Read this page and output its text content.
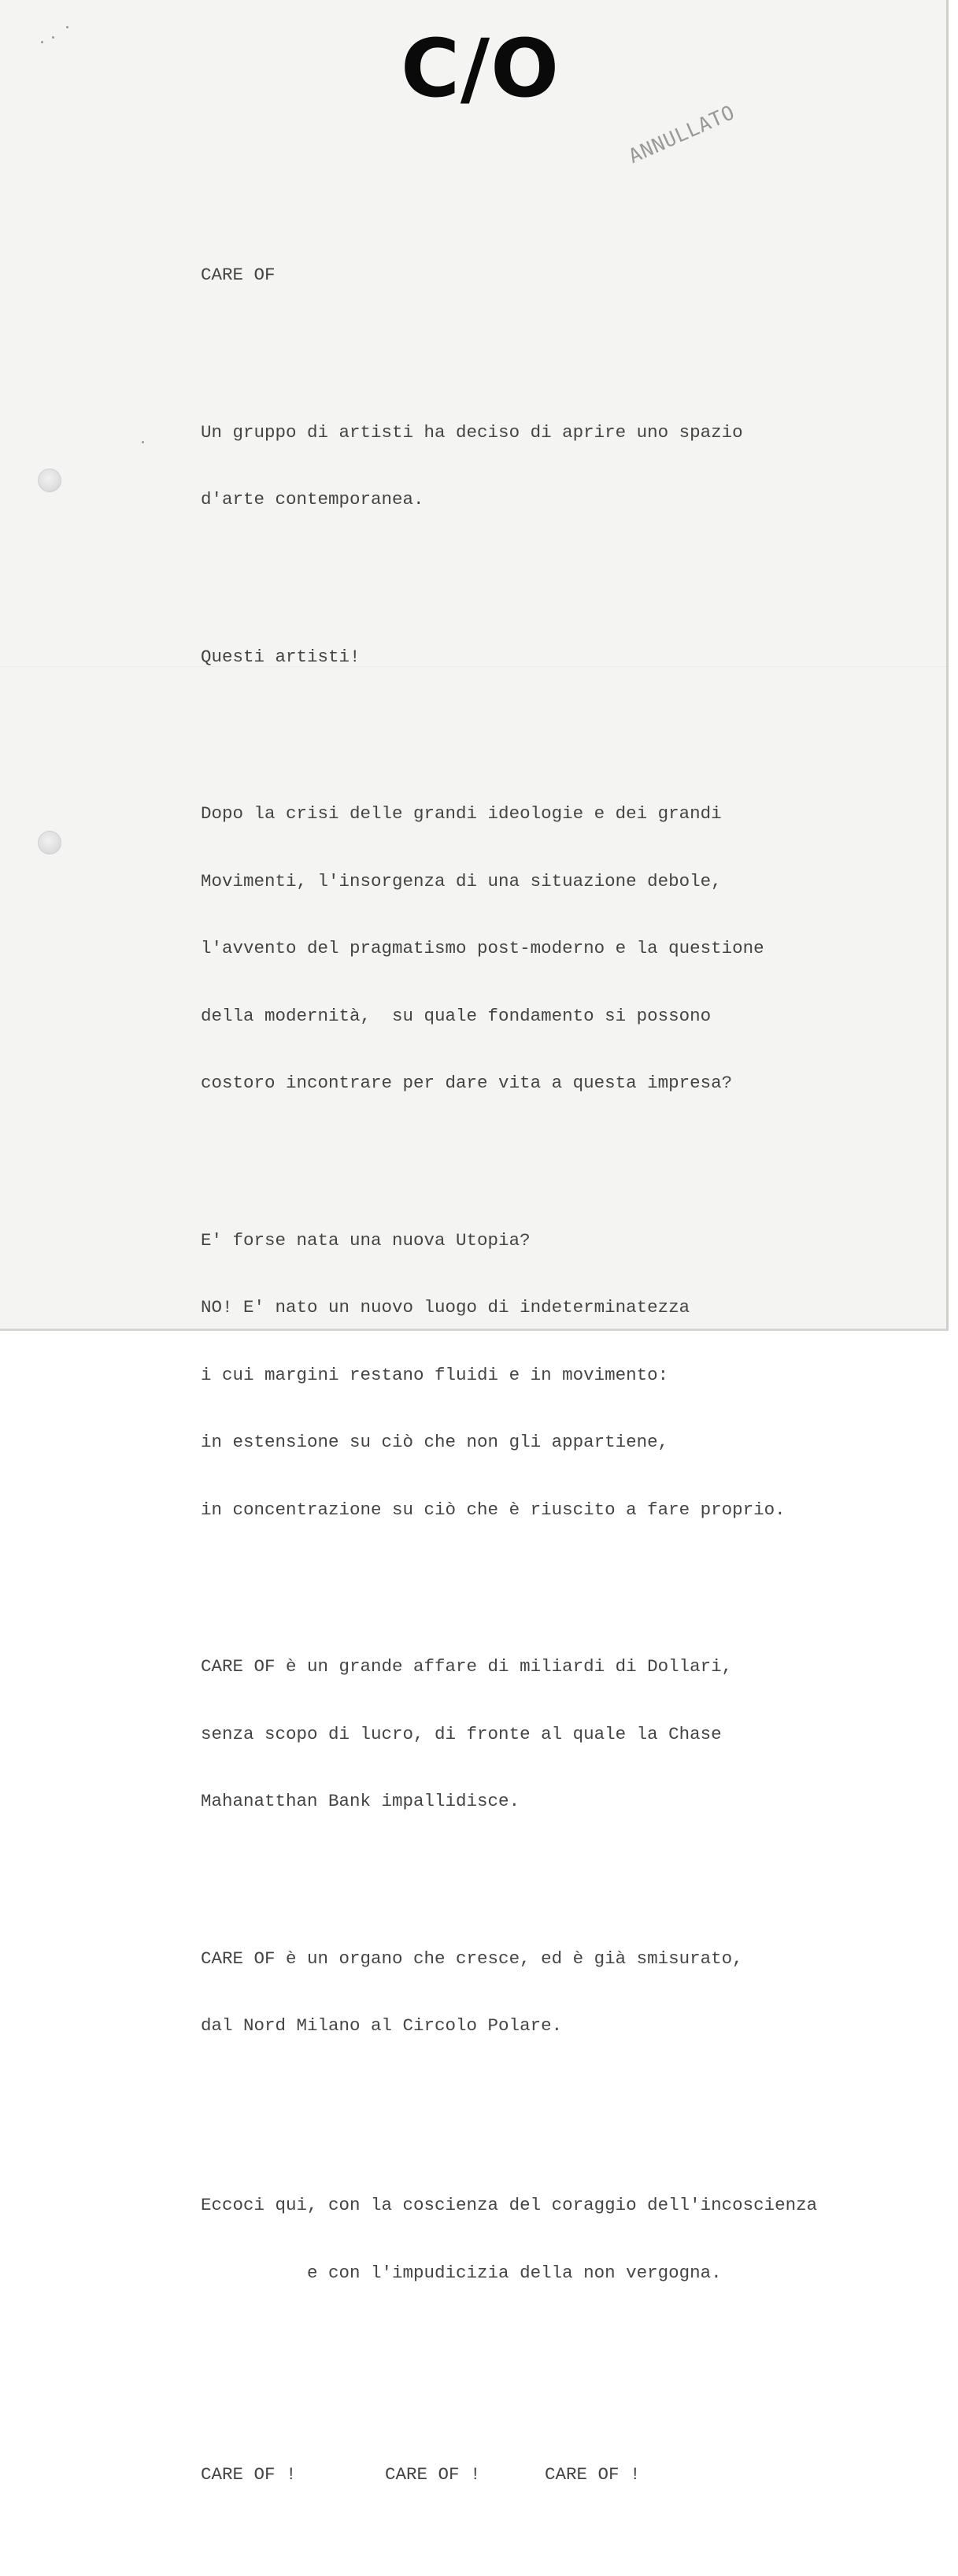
C/O
ANNULLATO

CARE OF

Un gruppo di artisti ha deciso di aprire uno spazio

d'arte contemporanea.

Questi artisti!

Dopo la crisi delle grandi ideologie e dei grandi

Movimenti, l'insorgenza di una situazione debole,

l'avvento del pragmatismo post-moderno e la questione

della modernità,  su quale fondamento si possono

costoro incontrare per dare vita a questa impresa?

E' forse nata una nuova Utopia?

NO! E' nato un nuovo luogo di indeterminatezza

i cui margini restano fluidi e in movimento:

in estensione su ciò che non gli appartiene,

in concentrazione su ciò che è riuscito a fare proprio.

CARE OF è un grande affare di miliardi di Dollari,

senza scopo di lucro, di fronte al quale la Chase

Mahanatthan Bank impallidisce.

CARE OF è un organo che cresce, ed è già smisurato,

dal Nord Milano al Circolo Polare.

Eccoci qui, con la coscienza del coraggio dell'incoscienza

e con l'impudicizia della non vergogna.

CARE OF !

	CARE OF !

	CARE OF !
